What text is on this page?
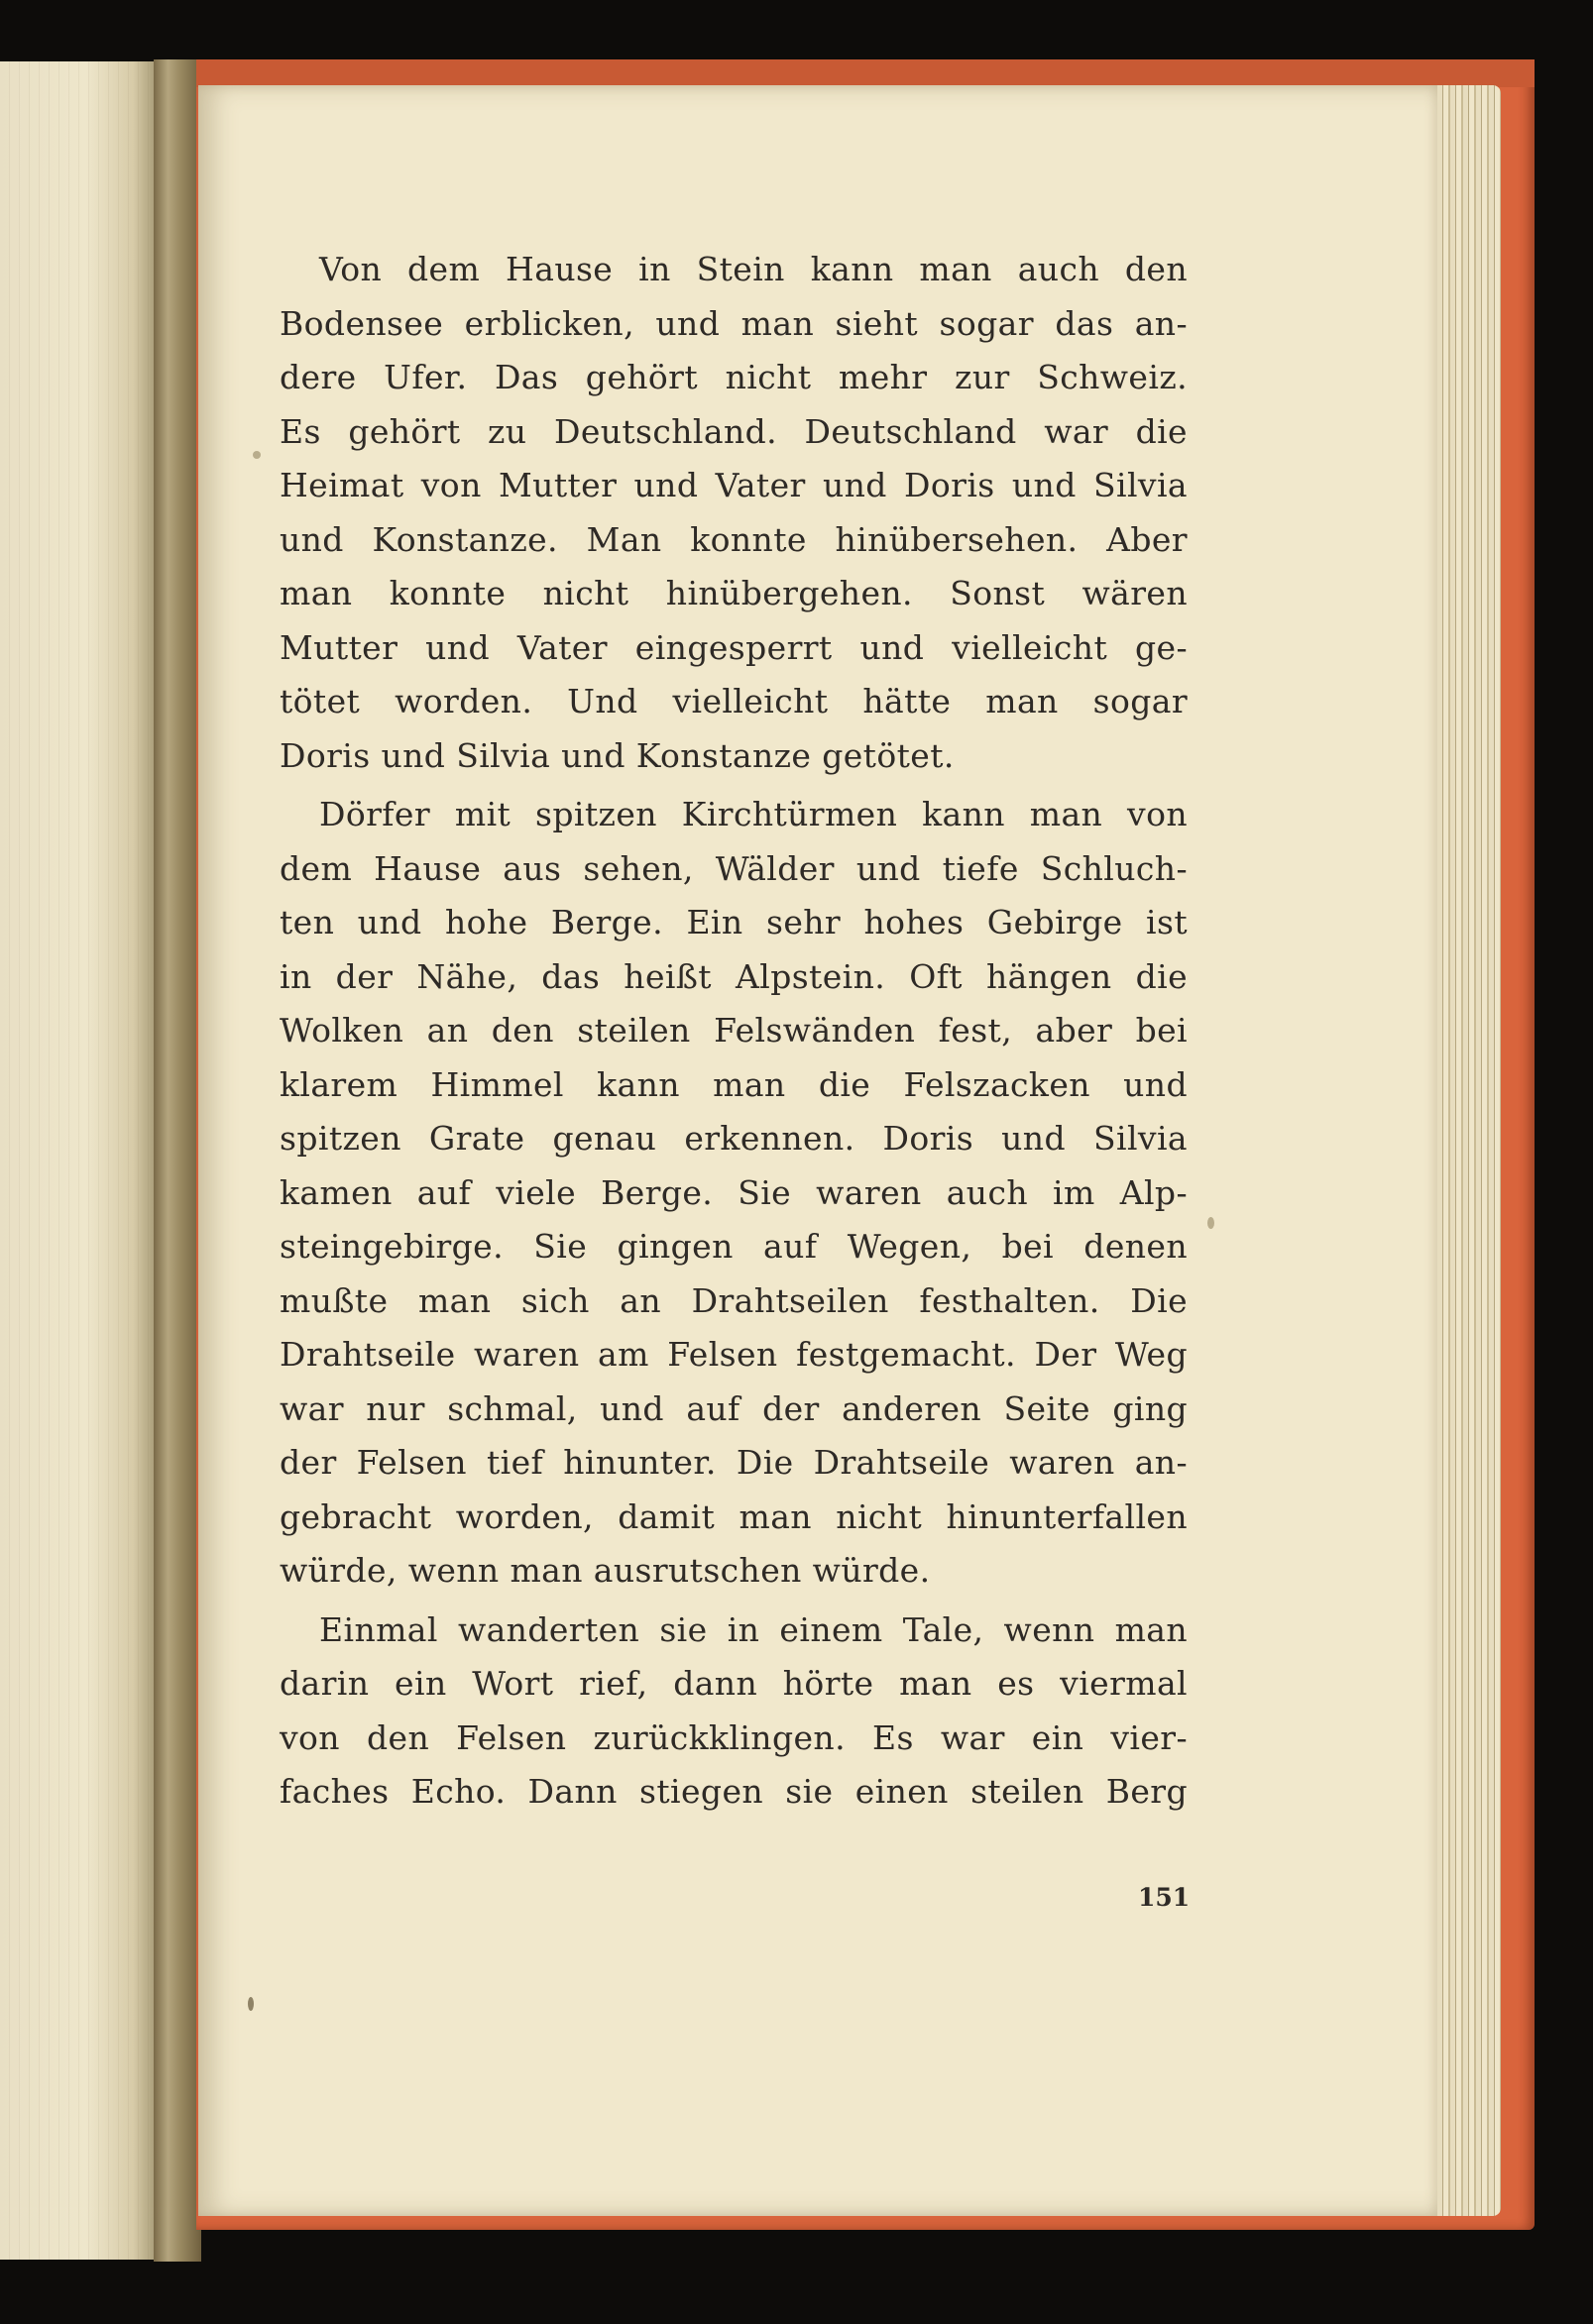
Von dem Hause in Stein kann man auch den
Bodensee erblicken, und man sieht sogar das an-
dere Ufer. Das gehört nicht mehr zur Schweiz.
Es gehört zu Deutschland. Deutschland war die
Heimat von Mutter und Vater und Doris und Silvia
und Konstanze. Man konnte hinübersehen. Aber
man konnte nicht hinübergehen. Sonst wären
Mutter und Vater eingesperrt und vielleicht ge-
tötet worden. Und vielleicht hätte man sogar
Doris und Silvia und Konstanze getötet.
Dörfer mit spitzen Kirchtürmen kann man von
dem Hause aus sehen, Wälder und tiefe Schluch-
ten und hohe Berge. Ein sehr hohes Gebirge ist
in der Nähe, das heißt Alpstein. Oft hängen die
Wolken an den steilen Felswänden fest, aber bei
klarem Himmel kann man die Felszacken und
spitzen Grate genau erkennen. Doris und Silvia
kamen auf viele Berge. Sie waren auch im Alp-
steingebirge. Sie gingen auf Wegen, bei denen
mußte man sich an Drahtseilen festhalten. Die
Drahtseile waren am Felsen festgemacht. Der Weg
war nur schmal, und auf der anderen Seite ging
der Felsen tief hinunter. Die Drahtseile waren an-
gebracht worden, damit man nicht hinunterfallen
würde, wenn man ausrutschen würde.
Einmal wanderten sie in einem Tale, wenn man
darin ein Wort rief, dann hörte man es viermal
von den Felsen zurückklingen. Es war ein vier-
faches Echo. Dann stiegen sie einen steilen Berg
151
